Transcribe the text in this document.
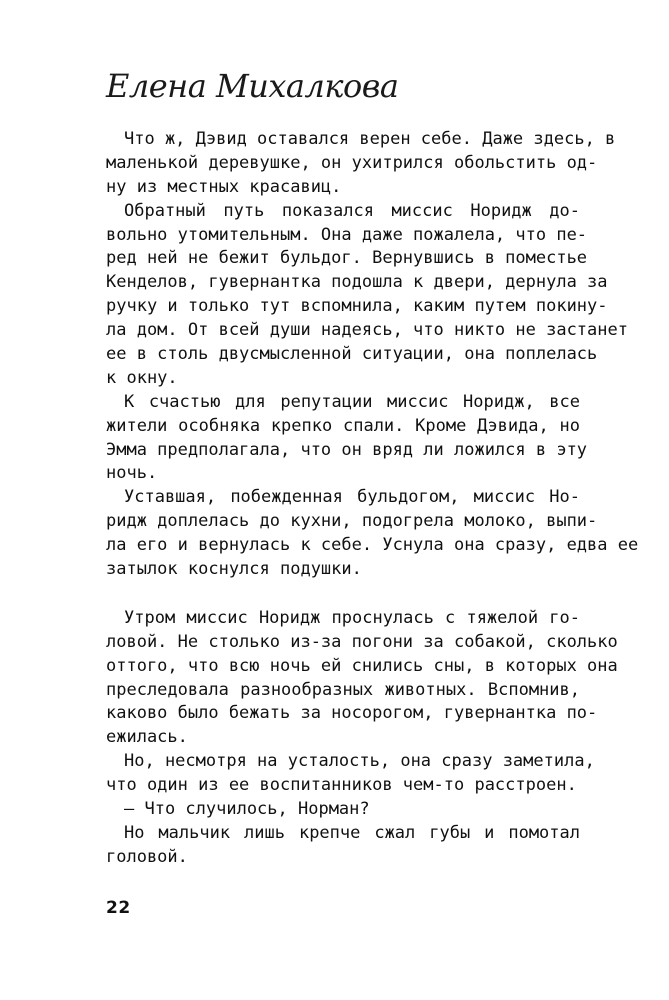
Елена Михалкова
Что ж, Дэвид оставался верен себе. Даже здесь, в
маленькой деревушке, он ухитрился обольстить од-
ну из местных красавиц.
Обратный путь показался миссис Норидж до-
вольно утомительным. Она даже пожалела, что пе-
ред ней не бежит бульдог. Вернувшись в поместье
Кенделов, гувернантка подошла к двери, дернула за
ручку и только тут вспомнила, каким путем покину-
ла дом. От всей души надеясь, что никто не застанет
ее в столь двусмысленной ситуации, она поплелась
к окну.
К счастью для репутации миссис Норидж, все
жители особняка крепко спали. Кроме Дэвида, но
Эмма предполагала, что он вряд ли ложился в эту
ночь.
Уставшая, побежденная бульдогом, миссис Но-
ридж доплелась до кухни, подогрела молоко, выпи-
ла его и вернулась к себе. Уснула она сразу, едва ее
затылок коснулся подушки.
Утром миссис Норидж проснулась с тяжелой го-
ловой. Не столько из-за погони за собакой, сколько
оттого, что всю ночь ей снились сны, в которых она
преследовала разнообразных животных. Вспомнив,
каково было бежать за носорогом, гувернантка по-
ежилась.
Но, несмотря на усталость, она сразу заметила,
что один из ее воспитанников чем-то расстроен.
— Что случилось, Норман?
Но мальчик лишь крепче сжал губы и помотал
головой.
22
